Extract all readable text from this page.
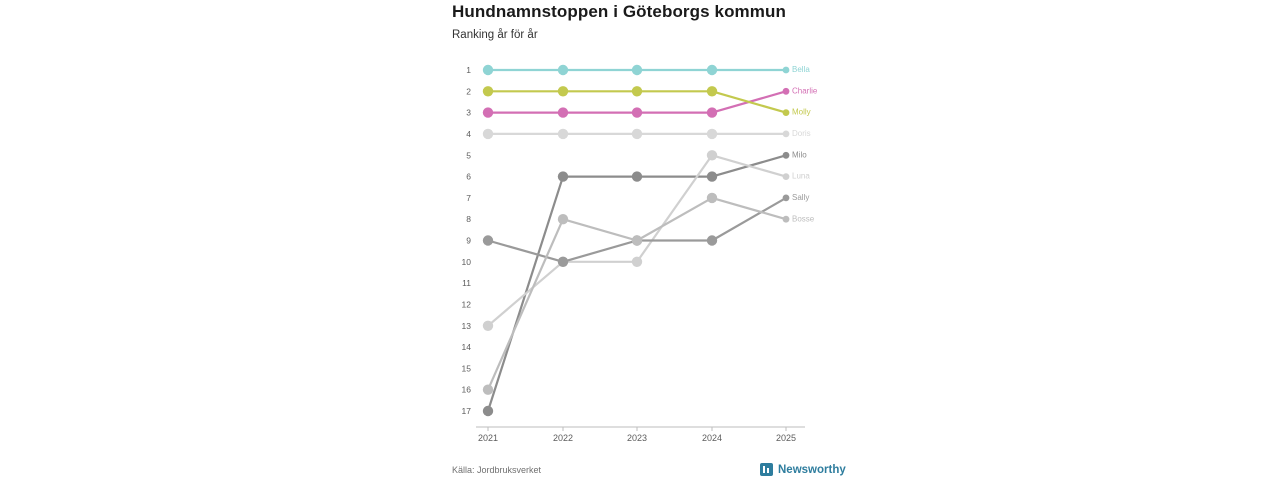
Hundnamnstoppen i Göteborgs kommun
Ranking år för år
1
2
3
4
5
6
7
8
9
10
11
12
13
14
15
16
17
2021	2022	2023	2024	2025
Bella
Charlie
Molly
Doris
Milo
Luna
Sally
Bosse
Källa: Jordbruksverket	Newsworthy
